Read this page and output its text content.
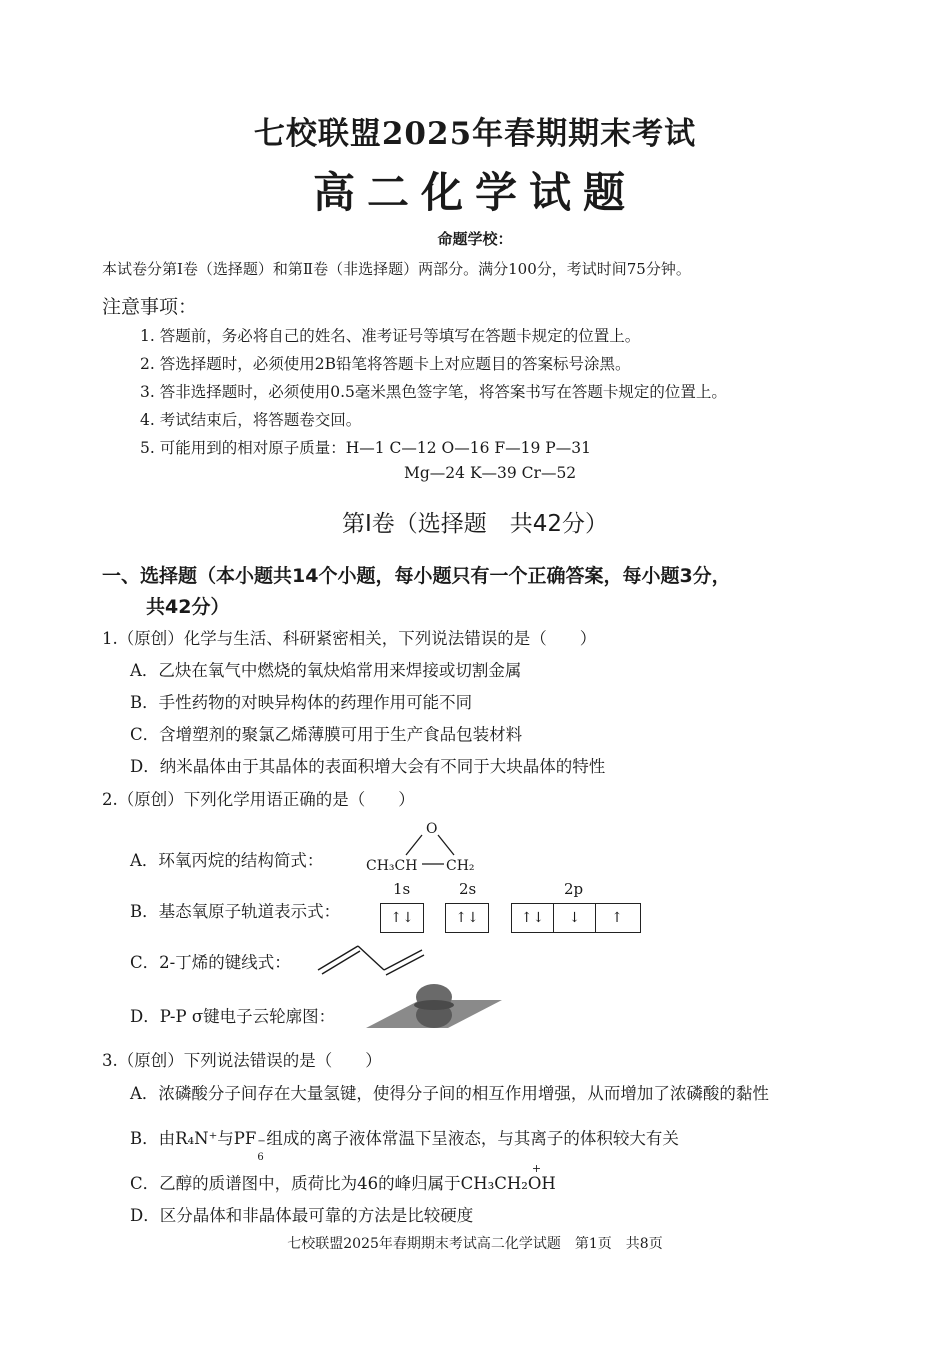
七校联盟2025年春期期末考试
高二化学试题
命题学校：
本试卷分第Ⅰ卷（选择题）和第Ⅱ卷（非选择题）两部分。满分100分，考试时间75分钟。
注意事项：
1. 答题前，务必将自己的姓名、准考证号等填写在答题卡规定的位置上。
2. 答选择题时，必须使用2B铅笔将答题卡上对应题目的答案标号涂黑。
3. 答非选择题时，必须使用0.5毫米黑色签字笔，将答案书写在答题卡规定的位置上。
4. 考试结束后，将答题卷交回。
5. 可能用到的相对原子质量：H—1 C—12 O—16 F—19 P—31
Mg—24 K—39 Cr—52
第Ⅰ卷（选择题　共42分）
一、选择题（本小题共14个小题，每小题只有一个正确答案，每小题3分，
共42分）
1.（原创）化学与生活、科研紧密相关，下列说法错误的是（　　）
A．乙炔在氧气中燃烧的氧炔焰常用来焊接或切割金属
B．手性药物的对映异构体的药理作用可能不同
C．含增塑剂的聚氯乙烯薄膜可用于生产食品包装材料
D．纳米晶体由于其晶体的表面积增大会有不同于大块晶体的特性
2.（原创）下列化学用语正确的是（　　）
A．环氧丙烷的结构简式：
O
CH₃CH CH₂
B．基态氧原子轨道表示式：
1s	2s	2p
↑↓	↑↓	↑↓	↓	↑
C．2-丁烯的键线式：
D．P-P σ键电子云轮廓图：
3.（原创）下列说法错误的是（　　）
A．浓磷酸分子间存在大量氢键，使得分子间的相互作用增强，从而增加了浓磷酸的黏性
B．由R₄N⁺与PF −
6
组成的离子液体常温下呈液态，与其离子的体积较大有关
C．乙醇的质谱图中，质荷比为46的峰归属于CH₃CH₂
+
OH
D．区分晶体和非晶体最可靠的方法是比较硬度
七校联盟2025年春期期末考试高二化学试题　第1页　共8页
